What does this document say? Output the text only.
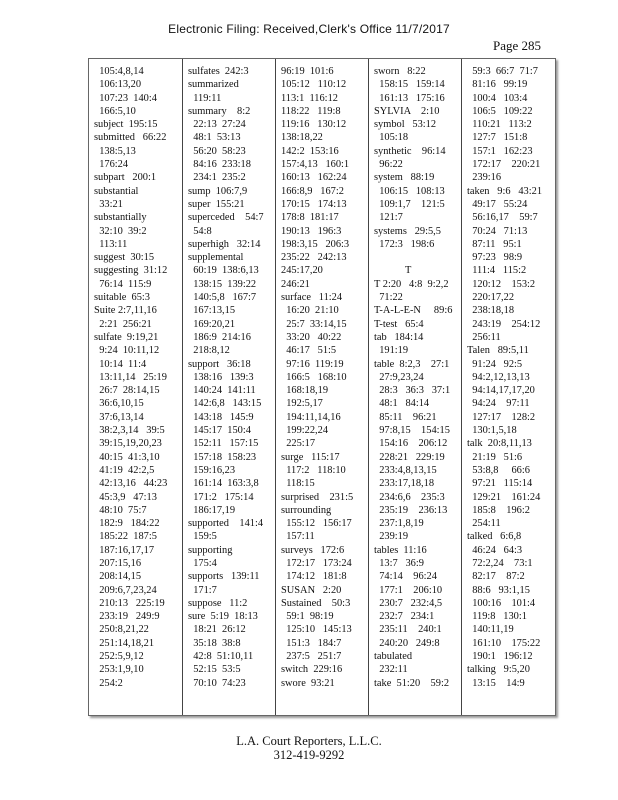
Electronic Filing: Received,Clerk's Office 11/7/2017
Page 285
105:4,8,14
106:13,20
107:23  140:4
166:5,10
subject  195:15
submitted   66:22
138:5,13
176:24
subpart   200:1
substantial
33:21
substantially
32:10  39:2
113:11
suggest  30:15
suggesting  31:12
76:14  115:9
suitable  65:3
Suite 2:7,11,16
2:21  256:21
sulfate  9:19,21
9:24  10:11,12
10:14  11:4
13:11,14   25:19
26:7  28:14,15
36:6,10,15
37:6,13,14
38:2,3,14   39:5
39:15,19,20,23
40:15  41:3,10
41:19  42:2,5
42:13,16   44:23
45:3,9   47:13
48:10  75:7
182:9   184:22
185:22  187:5
187:16,17,17
207:15,16
208:14,15
209:6,7,23,24
210:13   225:19
233:19   249:9
250:8,21,22
251:14,18,21
252:5,9,12
253:1,9,10
254:2
sulfates  242:3
summarized
119:11
summary    8:2
22:13  27:24
48:1  53:13
56:20  58:23
84:16  233:18
234:1  235:2
sump  106:7,9
super  155:21
superceded    54:7
54:8
superhigh   32:14
supplemental
60:19  138:6,13
138:15  139:22
140:5,8   167:7
167:13,15
169:20,21
186:9  214:16
218:8,12
support   36:18
138:16   139:3
140:24  141:11
142:6,8   143:15
143:18   145:9
145:17  150:4
152:11   157:15
157:18  158:23
159:16,23
161:14  163:3,8
171:2   175:14
186:17,19
supported    141:4
159:5
supporting
175:4
supports   139:11
171:7
suppose   11:2
sure  5:19  18:13
18:21  26:12
35:18  38:8
42:8  51:10,11
52:15  53:5
70:10  74:23
96:19  101:6
105:12   110:12
113:1  116:12
118:22   119:8
119:16   130:12
138:18,22
142:2  153:16
157:4,13   160:1
160:13   162:24
166:8,9   167:2
170:15   174:13
178:8  181:17
190:13   196:3
198:3,15   206:3
235:22   242:13
245:17,20
246:21
surface   11:24
16:20  21:10
25:7  33:14,15
33:20   40:22
46:17   51:5
97:16  119:19
166:5   168:10
168:18,19
192:5,17
194:11,14,16
199:22,24
225:17
surge   115:17
117:2   118:10
118:15
surprised    231:5
surrounding
155:12   156:17
157:11
surveys   172:6
172:17   173:24
174:12   181:8
SUSAN   2:20
Sustained    50:3
59:1  98:19
125:10   145:13
151:3   184:7
237:5   251:7
switch  229:16
swore  93:21
sworn   8:22
158:15   159:14
161:13   175:16
SYLVIA    2:10
symbol   53:12
105:18
synthetic    96:14
96:22
system   88:19
106:15   108:13
109:1,7    121:5
121:7
systems   29:5,5
172:3   198:6

T
T 2:20   4:8  9:2,2
71:22
T-A-L-E-N     89:6
T-test   65:4
tab   184:14
191:19
table  8:2,3    27:1
27:9,23,24
28:3   36:3   37:1
48:1   84:14
85:11    96:21
97:8,15    154:15
154:16    206:12
228:21   229:19
233:4,8,13,15
233:17,18,18
234:6,6    235:3
235:19    236:13
237:1,8,19
239:19
tables  11:16
13:7   36:9
74:14    96:24
177:1    206:10
230:7   232:4,5
232:7   234:1
235:11    240:1
240:20   249:8
tabulated
232:11
take  51:20    59:2
59:3  66:7  71:7
81:16   99:19
100:4   103:4
106:5   109:22
110:21   113:2
127:7   151:8
157:1   162:23
172:17    220:21
239:16
taken   9:6   43:21
49:17   55:24
56:16,17    59:7
70:24   71:13
87:11   95:1
97:23   98:9
111:4   115:2
120:12    153:2
220:17,22
238:18,18
243:19    254:12
256:11
Talen   89:5,11
91:24   92:5
94:2,12,13,13
94:14,17,17,20
94:24    97:11
127:17    128:2
130:1,5,18
talk  20:8,11,13
21:19   51:6
53:8,8     66:6
97:21   115:14
129:21    161:24
185:8    196:2
254:11
talked   6:6,8
46:24   64:3
72:2,24    73:1
82:17    87:2
88:6   93:1,15
100:16    101:4
119:8   130:1
140:11,19
161:10    175:22
190:1   196:12
talking   9:5,20
13:15    14:9
L.A. Court Reporters, L.L.C.
312-419-9292
